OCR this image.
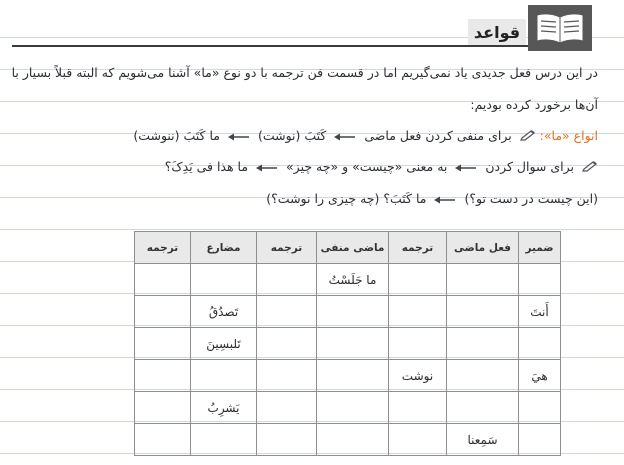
قواعد
در این درس فعل جدیدی یاد نمی‌گیریم اما در قسمت فن ترجمه با دو نوع «ما» آشنا می‌شویم که البته قبلاً بسیار با
آن‌ها برخورد کرده بودیم:
انواع «ما»:  برای منفی کردن فعل ماضی  کَتَبَ (نوشت)  ما کَتَبَ (ننوشت)
برای سوال کردن  به معنی «چیست» و «چه چیز»  ما هذا فی یَدِکَ؟
(این چیست در دست تو؟)  ما کَتَبَ؟ (چه چیزی را نوشت؟)
ضمیر	فعل ماضی	ترجمه	ماضی منفی	ترجمه	مضارع	ترجمه
			ما جَلَسْتُ			
أَنتَ					تَصدُقُ	
					تَلبسِينَ	
هيَ		نوشت				
					يَشرِبُ	
	سَمِعنا					
